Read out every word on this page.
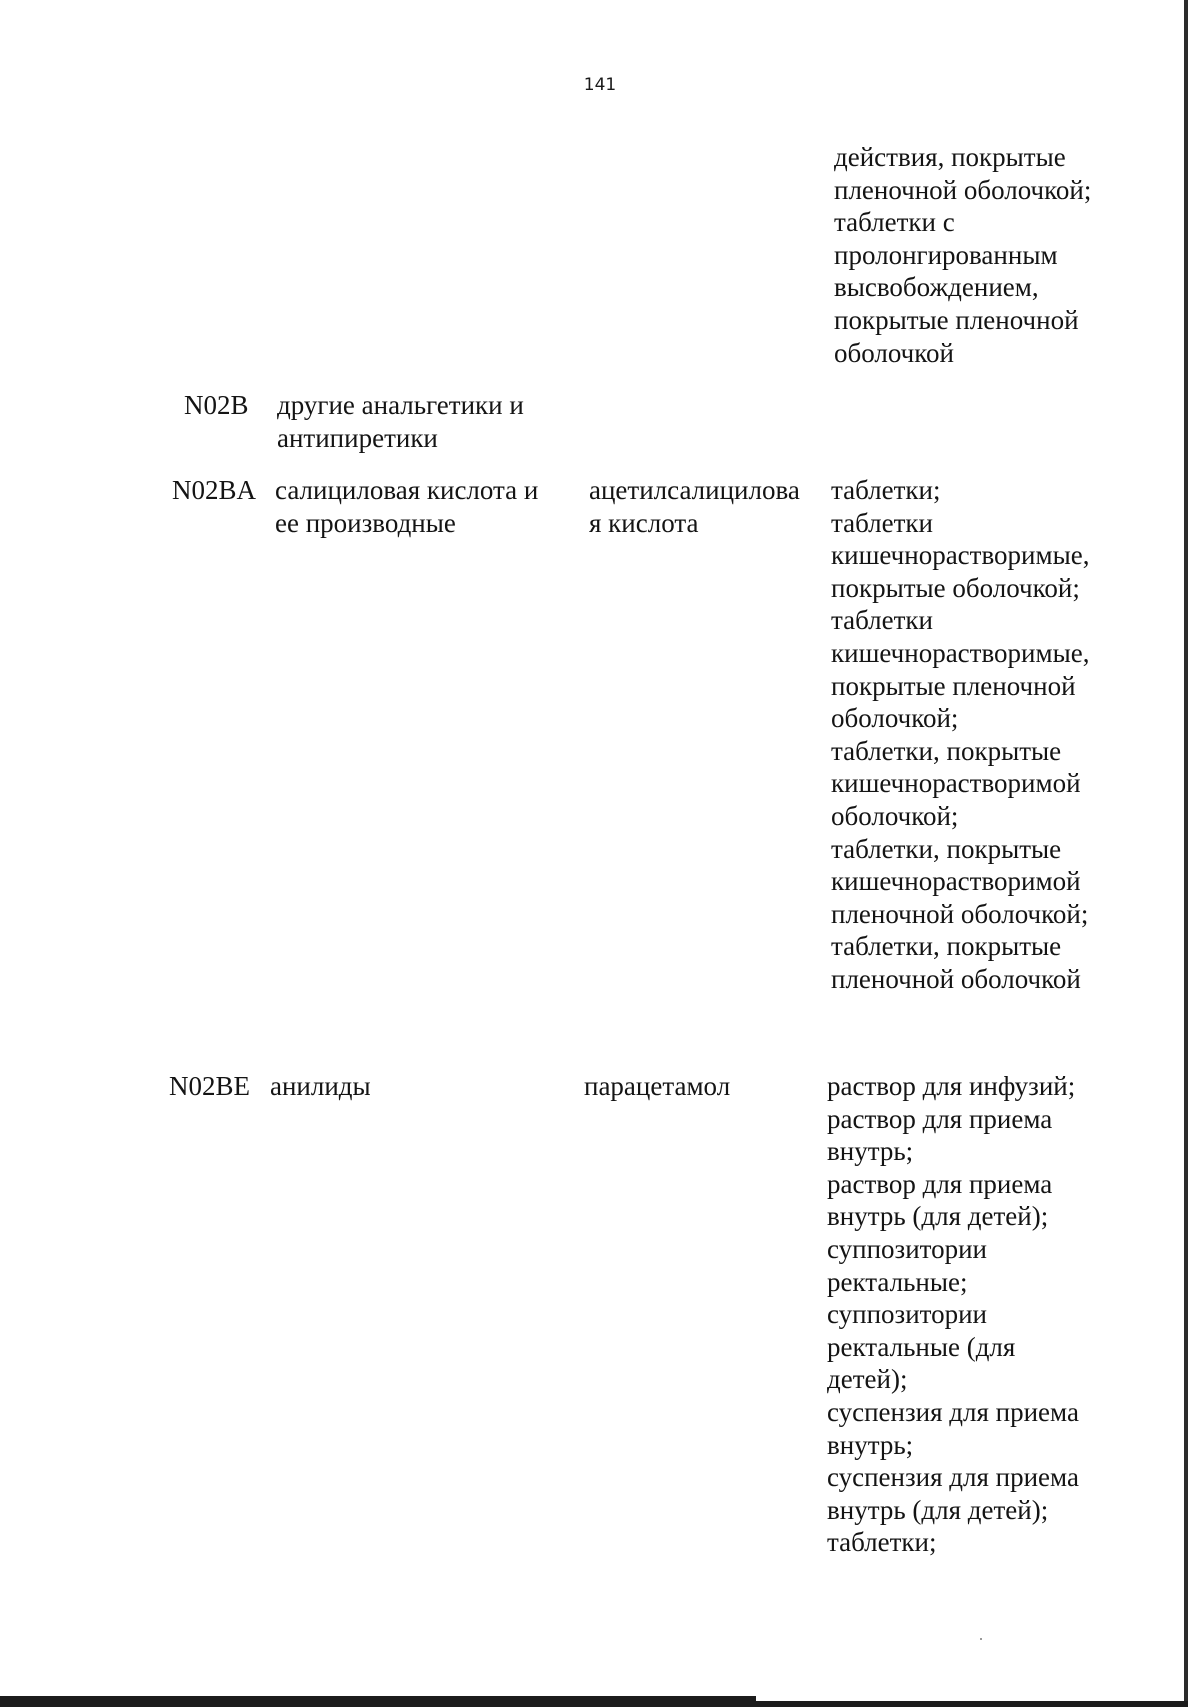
141
действия, покрытые
пленочной оболочкой;
таблетки с
пролонгированным
высвобождением,
покрытые пленочной
оболочкой
N02B другие анальгетики и
антипиретики
N02BA салициловая кислота и
ее производные
ацетилсалицилова
я кислота
таблетки;
таблетки
кишечнорастворимые,
покрытые оболочкой;
таблетки
кишечнорастворимые,
покрытые пленочной
оболочкой;
таблетки, покрытые
кишечнорастворимой
оболочкой;
таблетки, покрытые
кишечнорастворимой
пленочной оболочкой;
таблетки, покрытые
пленочной оболочкой
N02BE анилиды	парацетамол	раствор для инфузий;
раствор для приема
внутрь;
раствор для приема
внутрь (для детей);
суппозитории
ректальные;
суппозитории
ректальные (для
детей);
суспензия для приема
внутрь;
суспензия для приема
внутрь (для детей);
таблетки;
